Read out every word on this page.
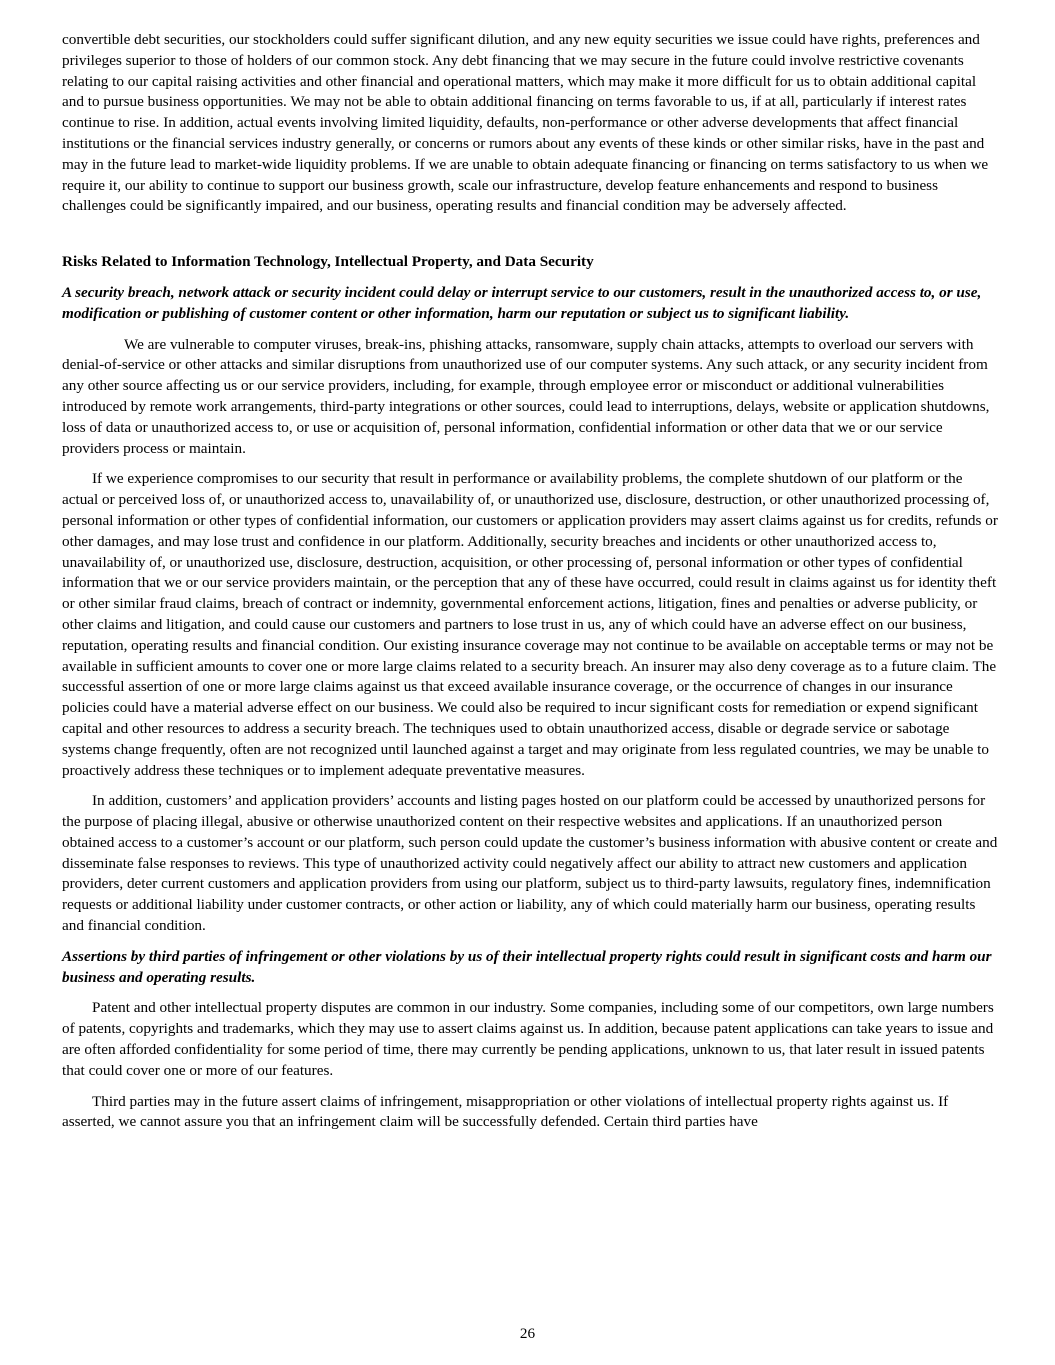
convertible debt securities, our stockholders could suffer significant dilution, and any new equity securities we issue could have rights, preferences and privileges superior to those of holders of our common stock. Any debt financing that we may secure in the future could involve restrictive covenants relating to our capital raising activities and other financial and operational matters, which may make it more difficult for us to obtain additional capital and to pursue business opportunities. We may not be able to obtain additional financing on terms favorable to us, if at all, particularly if interest rates continue to rise. In addition, actual events involving limited liquidity, defaults, non-performance or other adverse developments that affect financial institutions or the financial services industry generally, or concerns or rumors about any events of these kinds or other similar risks, have in the past and may in the future lead to market-wide liquidity problems. If we are unable to obtain adequate financing or financing on terms satisfactory to us when we require it, our ability to continue to support our business growth, scale our infrastructure, develop feature enhancements and respond to business challenges could be significantly impaired, and our business, operating results and financial condition may be adversely affected.

Risks Related to Information Technology, Intellectual Property, and Data Security

A security breach, network attack or security incident could delay or interrupt service to our customers, result in the unauthorized access to, or use, modification or publishing of customer content or other information, harm our reputation or subject us to significant liability.

We are vulnerable to computer viruses, break-ins, phishing attacks, ransomware, supply chain attacks, attempts to overload our servers with denial-of-service or other attacks and similar disruptions from unauthorized use of our computer systems. Any such attack, or any security incident from any other source affecting us or our service providers, including, for example, through employee error or misconduct or additional vulnerabilities introduced by remote work arrangements, third-party integrations or other sources, could lead to interruptions, delays, website or application shutdowns, loss of data or unauthorized access to, or use or acquisition of, personal information, confidential information or other data that we or our service providers process or maintain.

If we experience compromises to our security that result in performance or availability problems, the complete shutdown of our platform or the actual or perceived loss of, or unauthorized access to, unavailability of, or unauthorized use, disclosure, destruction, or other unauthorized processing of, personal information or other types of confidential information, our customers or application providers may assert claims against us for credits, refunds or other damages, and may lose trust and confidence in our platform. Additionally, security breaches and incidents or other unauthorized access to, unavailability of, or unauthorized use, disclosure, destruction, acquisition, or other processing of, personal information or other types of confidential information that we or our service providers maintain, or the perception that any of these have occurred, could result in claims against us for identity theft or other similar fraud claims, breach of contract or indemnity, governmental enforcement actions, litigation, fines and penalties or adverse publicity, or other claims and litigation, and could cause our customers and partners to lose trust in us, any of which could have an adverse effect on our business, reputation, operating results and financial condition. Our existing insurance coverage may not continue to be available on acceptable terms or may not be available in sufficient amounts to cover one or more large claims related to a security breach. An insurer may also deny coverage as to a future claim. The successful assertion of one or more large claims against us that exceed available insurance coverage, or the occurrence of changes in our insurance policies could have a material adverse effect on our business. We could also be required to incur significant costs for remediation or expend significant capital and other resources to address a security breach. The techniques used to obtain unauthorized access, disable or degrade service or sabotage systems change frequently, often are not recognized until launched against a target and may originate from less regulated countries, we may be unable to proactively address these techniques or to implement adequate preventative measures.

In addition, customers’ and application providers’ accounts and listing pages hosted on our platform could be accessed by unauthorized persons for the purpose of placing illegal, abusive or otherwise unauthorized content on their respective websites and applications. If an unauthorized person obtained access to a customer’s account or our platform, such person could update the customer’s business information with abusive content or create and disseminate false responses to reviews. This type of unauthorized activity could negatively affect our ability to attract new customers and application providers, deter current customers and application providers from using our platform, subject us to third-party lawsuits, regulatory fines, indemnification requests or additional liability under customer contracts, or other action or liability, any of which could materially harm our business, operating results and financial condition.

Assertions by third parties of infringement or other violations by us of their intellectual property rights could result in significant costs and harm our business and operating results.

Patent and other intellectual property disputes are common in our industry. Some companies, including some of our competitors, own large numbers of patents, copyrights and trademarks, which they may use to assert claims against us. In addition, because patent applications can take years to issue and are often afforded confidentiality for some period of time, there may currently be pending applications, unknown to us, that later result in issued patents that could cover one or more of our features.

Third parties may in the future assert claims of infringement, misappropriation or other violations of intellectual property rights against us. If asserted, we cannot assure you that an infringement claim will be successfully defended. Certain third parties have

26
